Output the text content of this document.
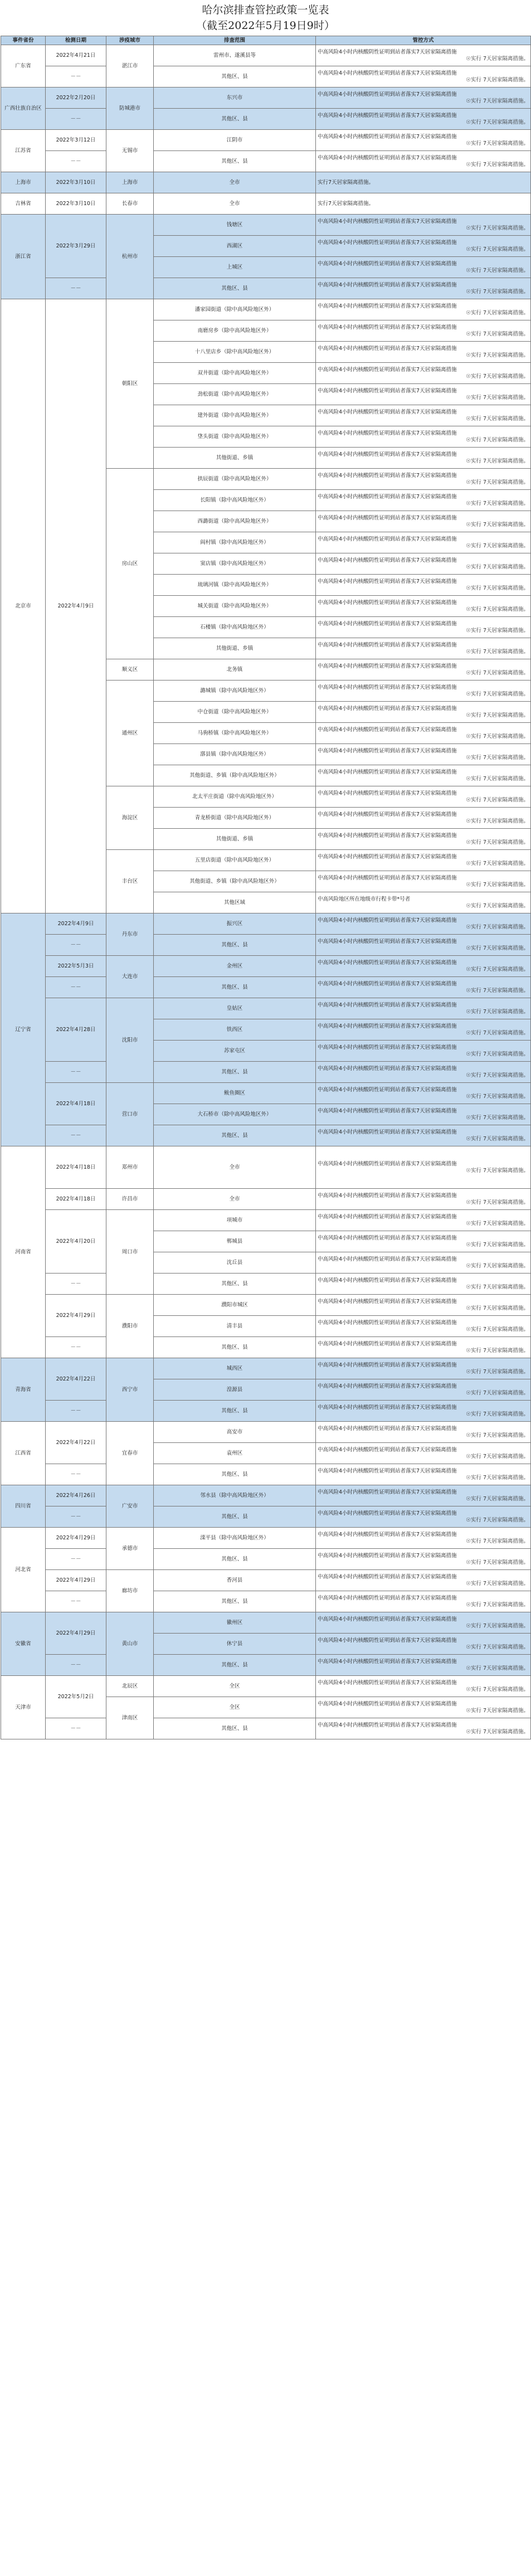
哈尔滨排查管控政策一览表
（截至2022年5月19日9时）
事件省份	检测日期	涉疫城市	排查范围	管控方式
广东省	2022年4月21日	湛江市	雷州市、遂溪县等	中高风险4小时内核酸阴性证明到站者落实7天居家隔离措施
☉实行 7天居家隔离措施。

	－－		其他区、县	中高风险4小时内核酸阴性证明到站者落实7天居家隔离措施
☉实行 7天居家隔离措施。

广西壮族自治区	2022年2月20日	防城港市	东兴市	中高风险4小时内核酸阴性证明到站者落实7天居家隔离措施
☉实行 7天居家隔离措施。

	－－		其他区、县	中高风险4小时内核酸阴性证明到站者落实7天居家隔离措施
☉实行 7天居家隔离措施。

江苏省	2022年3月12日	无锡市	江阴市	中高风险4小时内核酸阴性证明到站者落实7天居家隔离措施
☉实行 7天居家隔离措施。

	－－		其他区、县	中高风险4小时内核酸阴性证明到站者落实7天居家隔离措施
☉实行 7天居家隔离措施。

上海市	2022年3月10日	上海市	全市	实行7天居家隔离措施。

吉林省	2022年3月10日	长春市	全市	实行7天居家隔离措施。

浙江省	2022年3月29日	杭州市	钱塘区	中高风险4小时内核酸阴性证明到站者落实7天居家隔离措施
☉实行 7天居家隔离措施。

			西湖区	中高风险4小时内核酸阴性证明到站者落实7天居家隔离措施
☉实行 7天居家隔离措施。

			上城区	中高风险4小时内核酸阴性证明到站者落实7天居家隔离措施
☉实行 7天居家隔离措施。

	－－		其他区、县	中高风险4小时内核酸阴性证明到站者落实7天居家隔离措施
☉实行 7天居家隔离措施。

北京市	2022年4月9日	朝阳区	潘家园街道（除中高风险地区外）	中高风险4小时内核酸阴性证明到站者落实7天居家隔离措施
☉实行 7天居家隔离措施。

			南磨房乡（除中高风险地区外）	中高风险4小时内核酸阴性证明到站者落实7天居家隔离措施
☉实行 7天居家隔离措施。

			十八里店乡（除中高风险地区外）	中高风险4小时内核酸阴性证明到站者落实7天居家隔离措施
☉实行 7天居家隔离措施。

			双井街道（除中高风险地区外）	中高风险4小时内核酸阴性证明到站者落实7天居家隔离措施
☉实行 7天居家隔离措施。

			劲松街道（除中高风险地区外）	中高风险4小时内核酸阴性证明到站者落实7天居家隔离措施
☉实行 7天居家隔离措施。

			建外街道（除中高风险地区外）	中高风险4小时内核酸阴性证明到站者落实7天居家隔离措施
☉实行 7天居家隔离措施。

			垡头街道（除中高风险地区外）	中高风险4小时内核酸阴性证明到站者落实7天居家隔离措施
☉实行 7天居家隔离措施。

			其他街道、乡镇	中高风险4小时内核酸阴性证明到站者落实7天居家隔离措施
☉实行 7天居家隔离措施。

		房山区	拱辰街道（除中高风险地区外）	中高风险4小时内核酸阴性证明到站者落实7天居家隔离措施
☉实行 7天居家隔离措施。

			长阳镇（除中高风险地区外）	中高风险4小时内核酸阴性证明到站者落实7天居家隔离措施
☉实行 7天居家隔离措施。

			西潞街道（除中高风险地区外）	中高风险4小时内核酸阴性证明到站者落实7天居家隔离措施
☉实行 7天居家隔离措施。

			阎村镇（除中高风险地区外）	中高风险4小时内核酸阴性证明到站者落实7天居家隔离措施
☉实行 7天居家隔离措施。

			窦店镇（除中高风险地区外）	中高风险4小时内核酸阴性证明到站者落实7天居家隔离措施
☉实行 7天居家隔离措施。

			琉璃河镇（除中高风险地区外）	中高风险4小时内核酸阴性证明到站者落实7天居家隔离措施
☉实行 7天居家隔离措施。

			城关街道（除中高风险地区外）	中高风险4小时内核酸阴性证明到站者落实7天居家隔离措施
☉实行 7天居家隔离措施。

			石楼镇（除中高风险地区外）	中高风险4小时内核酸阴性证明到站者落实7天居家隔离措施
☉实行 7天居家隔离措施。

			其他街道、乡镇	中高风险4小时内核酸阴性证明到站者落实7天居家隔离措施
☉实行 7天居家隔离措施。

		顺义区	北务镇	中高风险4小时内核酸阴性证明到站者落实7天居家隔离措施
☉实行 7天居家隔离措施。

		通州区	潞城镇（除中高风险地区外）	中高风险4小时内核酸阴性证明到站者落实7天居家隔离措施
☉实行 7天居家隔离措施。

			中仓街道（除中高风险地区外）	中高风险4小时内核酸阴性证明到站者落实7天居家隔离措施
☉实行 7天居家隔离措施。

			马驹桥镇（除中高风险地区外）	中高风险4小时内核酸阴性证明到站者落实7天居家隔离措施
☉实行 7天居家隔离措施。

			漷县镇（除中高风险地区外）	中高风险4小时内核酸阴性证明到站者落实7天居家隔离措施
☉实行 7天居家隔离措施。

			其他街道、乡镇（除中高风险地区外）	中高风险4小时内核酸阴性证明到站者落实7天居家隔离措施
☉实行 7天居家隔离措施。

		海淀区	北太平庄街道（除中高风险地区外）	中高风险4小时内核酸阴性证明到站者落实7天居家隔离措施
☉实行 7天居家隔离措施。

			青龙桥街道（除中高风险地区外）	中高风险4小时内核酸阴性证明到站者落实7天居家隔离措施
☉实行 7天居家隔离措施。

			其他街道、乡镇	中高风险4小时内核酸阴性证明到站者落实7天居家隔离措施
☉实行 7天居家隔离措施。

		丰台区	五里店街道（除中高风险地区外）	中高风险4小时内核酸阴性证明到站者落实7天居家隔离措施
☉实行 7天居家隔离措施。

			其他街道、乡镇（除中高风险地区外）	中高风险4小时内核酸阴性证明到站者落实7天居家隔离措施
☉实行 7天居家隔离措施。

			其他区域	中高风险地区所在地级市行程卡带*号者
☉实行 7天居家隔离措施。

辽宁省	2022年4月9日	丹东市	振兴区	中高风险4小时内核酸阴性证明到站者落实7天居家隔离措施
☉实行 7天居家隔离措施。

	－－		其他区、县	中高风险4小时内核酸阴性证明到站者落实7天居家隔离措施
☉实行 7天居家隔离措施。

	2022年5月3日	大连市	金州区	中高风险4小时内核酸阴性证明到站者落实7天居家隔离措施
☉实行 7天居家隔离措施。

	－－		其他区、县	中高风险4小时内核酸阴性证明到站者落实7天居家隔离措施
☉实行 7天居家隔离措施。

	2022年4月28日	沈阳市	皇姑区	中高风险4小时内核酸阴性证明到站者落实7天居家隔离措施
☉实行 7天居家隔离措施。

			铁西区	中高风险4小时内核酸阴性证明到站者落实7天居家隔离措施
☉实行 7天居家隔离措施。

			苏家屯区	中高风险4小时内核酸阴性证明到站者落实7天居家隔离措施
☉实行 7天居家隔离措施。

	－－		其他区、县	中高风险4小时内核酸阴性证明到站者落实7天居家隔离措施
☉实行 7天居家隔离措施。

	2022年4月18日	营口市	鲅鱼圈区	中高风险4小时内核酸阴性证明到站者落实7天居家隔离措施
☉实行 7天居家隔离措施。

			大石桥市（除中高风险地区外）	中高风险4小时内核酸阴性证明到站者落实7天居家隔离措施
☉实行 7天居家隔离措施。

	－－		其他区、县	中高风险4小时内核酸阴性证明到站者落实7天居家隔离措施
☉实行 7天居家隔离措施。

河南省	2022年4月18日	郑州市	全市	中高风险4小时内核酸阴性证明到站者落实7天居家隔离措施
☉实行 7天居家隔离措施。

	2022年4月18日	许昌市	全市	中高风险4小时内核酸阴性证明到站者落实7天居家隔离措施
☉实行 7天居家隔离措施。

	2022年4月20日	周口市	项城市	中高风险4小时内核酸阴性证明到站者落实7天居家隔离措施
☉实行 7天居家隔离措施。

			郸城县	中高风险4小时内核酸阴性证明到站者落实7天居家隔离措施
☉实行 7天居家隔离措施。

			沈丘县	中高风险4小时内核酸阴性证明到站者落实7天居家隔离措施
☉实行 7天居家隔离措施。

	－－		其他区、县	中高风险4小时内核酸阴性证明到站者落实7天居家隔离措施
☉实行 7天居家隔离措施。

	2022年4月29日	濮阳市	濮阳市城区	中高风险4小时内核酸阴性证明到站者落实7天居家隔离措施
☉实行 7天居家隔离措施。

			清丰县	中高风险4小时内核酸阴性证明到站者落实7天居家隔离措施
☉实行 7天居家隔离措施。

	－－		其他区、县	中高风险4小时内核酸阴性证明到站者落实7天居家隔离措施
☉实行 7天居家隔离措施。

青海省	2022年4月22日	西宁市	城西区	中高风险4小时内核酸阴性证明到站者落实7天居家隔离措施
☉实行 7天居家隔离措施。

			湟源县	中高风险4小时内核酸阴性证明到站者落实7天居家隔离措施
☉实行 7天居家隔离措施。

	－－		其他区、县	中高风险4小时内核酸阴性证明到站者落实7天居家隔离措施
☉实行 7天居家隔离措施。

江西省	2022年4月22日	宜春市	高安市	中高风险4小时内核酸阴性证明到站者落实7天居家隔离措施
☉实行 7天居家隔离措施。

			袁州区	中高风险4小时内核酸阴性证明到站者落实7天居家隔离措施
☉实行 7天居家隔离措施。

	－－		其他区、县	中高风险4小时内核酸阴性证明到站者落实7天居家隔离措施
☉实行 7天居家隔离措施。

四川省	2022年4月26日	广安市	邻水县（除中高风险地区外）	中高风险4小时内核酸阴性证明到站者落实7天居家隔离措施
☉实行 7天居家隔离措施。

	－－		其他区、县	中高风险4小时内核酸阴性证明到站者落实7天居家隔离措施
☉实行 7天居家隔离措施。

河北省	2022年4月29日	承德市	滦平县（除中高风险地区外）	中高风险4小时内核酸阴性证明到站者落实7天居家隔离措施
☉实行 7天居家隔离措施。

	－－		其他区、县	中高风险4小时内核酸阴性证明到站者落实7天居家隔离措施
☉实行 7天居家隔离措施。

	2022年4月29日	廊坊市	香河县	中高风险4小时内核酸阴性证明到站者落实7天居家隔离措施
☉实行 7天居家隔离措施。

	－－		其他区、县	中高风险4小时内核酸阴性证明到站者落实7天居家隔离措施
☉实行 7天居家隔离措施。

安徽省	2022年4月29日	黄山市	徽州区	中高风险4小时内核酸阴性证明到站者落实7天居家隔离措施
☉实行 7天居家隔离措施。

			休宁县	中高风险4小时内核酸阴性证明到站者落实7天居家隔离措施
☉实行 7天居家隔离措施。

	－－		其他区、县	中高风险4小时内核酸阴性证明到站者落实7天居家隔离措施
☉实行 7天居家隔离措施。

天津市	2022年5月2日	北辰区	全区	中高风险4小时内核酸阴性证明到站者落实7天居家隔离措施
☉实行 7天居家隔离措施。

		津南区	全区	中高风险4小时内核酸阴性证明到站者落实7天居家隔离措施
☉实行 7天居家隔离措施。

	－－		其他区、县	中高风险4小时内核酸阴性证明到站者落实7天居家隔离措施
☉实行 7天居家隔离措施。
